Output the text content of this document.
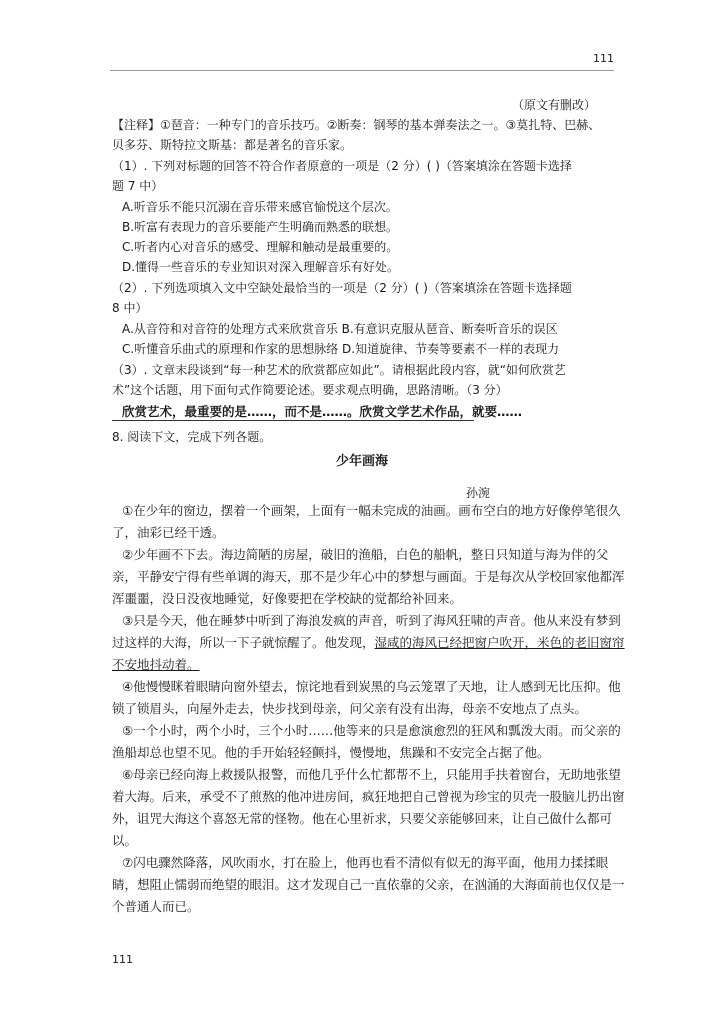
111
（原文有删改）
【注释】①琶音：一种专门的音乐技巧。②断奏：钢琴的基本弹奏法之一。③莫扎特、巴赫、
贝多芬、斯特拉文斯基：都是著名的音乐家。
（1）. 下列对标题的回答不符合作者原意的一项是（2 分）( )（答案填涂在答题卡选择
题 7 中）
A.听音乐不能只沉溺在音乐带来感官愉悦这个层次。
B.听富有表现力的音乐要能产生明确而熟悉的联想。
C.听者内心对音乐的感受、理解和触动是最重要的。
D.懂得一些音乐的专业知识对深入理解音乐有好处。
（2）. 下列选项填入文中空缺处最恰当的一项是（2 分）( )（答案填涂在答题卡选择题
8 中）
A.从音符和对音符的处理方式来欣赏音乐 B.有意识克服从琶音、断奏听音乐的误区
C.听懂音乐曲式的原理和作家的思想脉络 D.知道旋律、节奏等要素不一样的表现力
（3）. 文章末段谈到“每一种艺术的欣赏都应如此”。请根据此段内容，就“如何欣赏艺
术”这个话题，用下面句式作简要论述。要求观点明确，思路清晰。（3 分）
欣赏艺术，最重要的是……，而不是……。欣赏文学艺术作品，就要……
8. 阅读下文，完成下列各题。
少年画海
孙涴
①在少年的窗边，摆着一个画架，上面有一幅未完成的油画。画布空白的地方好像停笔很久了，油彩已经干透。
②少年画不下去。海边简陋的房屋，破旧的渔船，白色的船帆，整日只知道与海为伴的父亲，平静安宁得有些单调的海天，那不是少年心中的梦想与画面。于是每次从学校回家他都浑浑噩噩，没日没夜地睡觉，好像要把在学校缺的觉都给补回来。
③只是今天，他在睡梦中听到了海浪发疯的声音，听到了海风狂啸的声音。他从来没有梦到过这样的大海，所以一下子就惊醒了。他发现，湿咸的海风已经把窗户吹开，米色的老旧窗帘不安地抖动着。
④他慢慢眯着眼睛向窗外望去，惊诧地看到炭黑的乌云笼罩了天地，让人感到无比压抑。他锁了锁眉头，向屋外走去，快步找到母亲，问父亲有没有出海，母亲不安地点了点头。
⑤一个小时，两个小时，三个小时……他等来的只是愈演愈烈的狂风和瓢泼大雨。而父亲的渔船却总也望不见。他的手开始轻轻颤抖，慢慢地，焦躁和不安完全占据了他。
⑥母亲已经向海上救援队报警，而他几乎什么忙都帮不上，只能用手扶着窗台，无助地张望着大海。后来，承受不了煎熬的他冲进房间，疯狂地把自己曾视为珍宝的贝壳一股脑儿扔出窗外，诅咒大海这个喜怒无常的怪物。他在心里祈求，只要父亲能够回来，让自己做什么都可以。
⑦闪电骤然降落，风吹雨水，打在脸上，他再也看不清似有似无的海平面，他用力揉揉眼睛，想阻止懦弱而绝望的眼泪。这才发现自己一直依靠的父亲，在汹涌的大海面前也仅仅是一个普通人而已。
111
